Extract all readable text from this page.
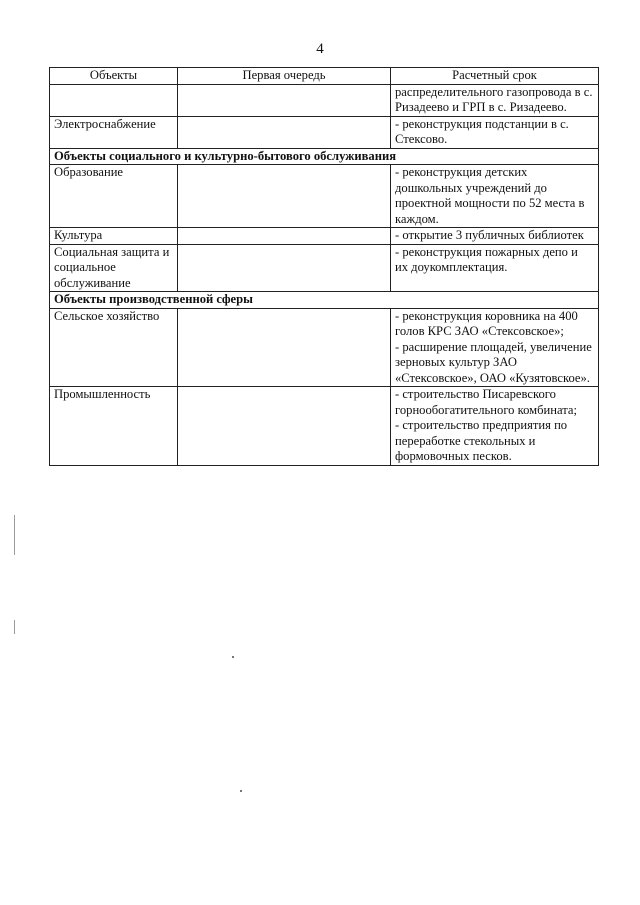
4
Объекты	Первая очередь	Расчетный срок

		распределительного газопровода в с. Ризадеево и ГРП в с. Ризадеево.

Электроснабжение		- реконструкция подстанции в с. Стексово.

Объекты социального и культурно-бытового обслуживания		
Образование		- реконструкция детских дошкольных учреждений до проектной мощности по 52 места в каждом.

Культура		- открытие 3 публичных библиотек

Социальная защита и социальное обслуживание		- реконструкция пожарных депо и их доукомплектация.

Объекты производственной сферы		
Сельское хозяйство		- реконструкция коровника на 400 голов КРС ЗАО «Стексовское»;
- расширение площадей, увеличение зерновых культур ЗАО «Стексовское», ОАО «Кузятовское».

Промышленность		- строительство Писаревского горнообогатительного комбината;
- строительство предприятия по переработке стекольных и формовочных песков.
